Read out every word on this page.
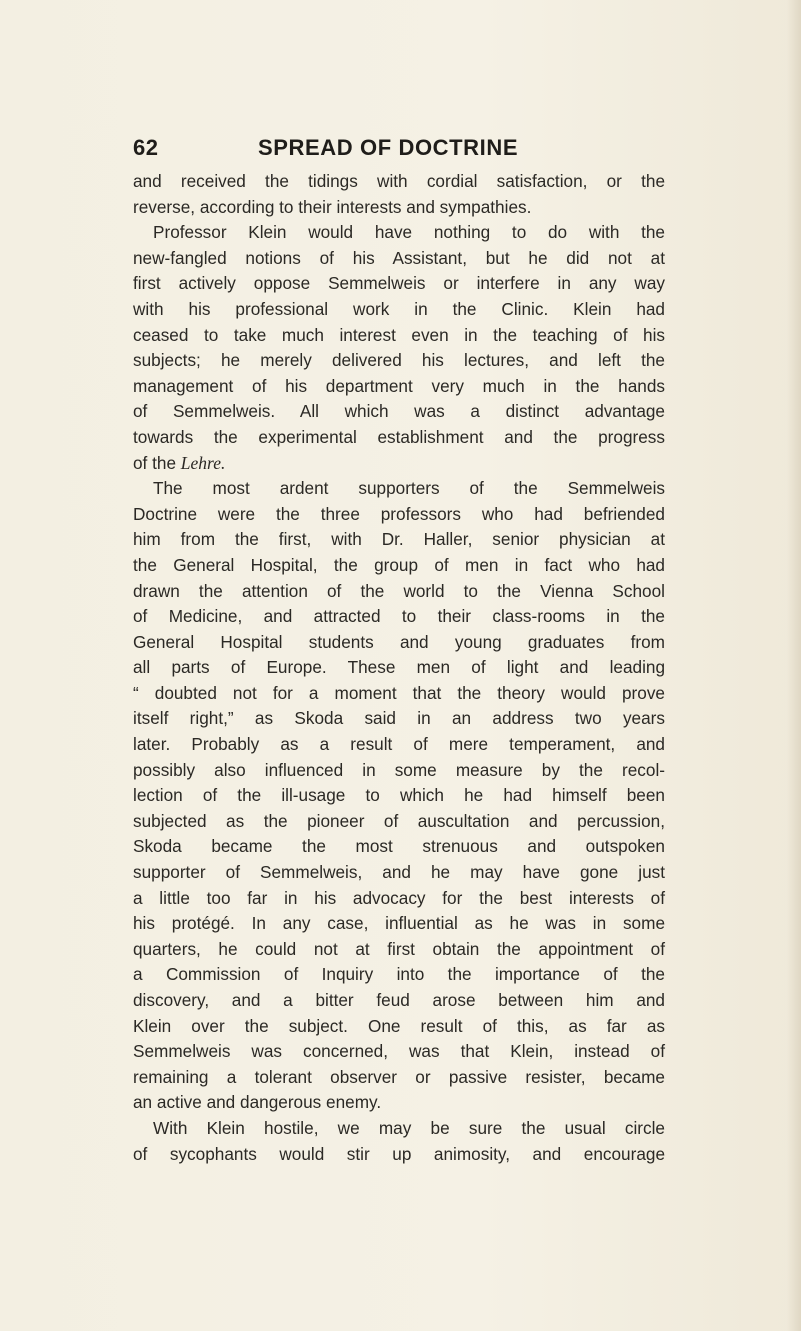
62	SPREAD OF DOCTRINE
and received the tidings with cordial satisfaction, or the
reverse, according to their interests and sympathies.
Professor Klein would have nothing to do with the
new-fangled notions of his Assistant, but he did not at
first actively oppose Semmelweis or interfere in any way
with his professional work in the Clinic. Klein had
ceased to take much interest even in the teaching of his
subjects; he merely delivered his lectures, and left the
management of his department very much in the hands
of Semmelweis. All which was a distinct advantage
towards the experimental establishment and the progress
of the Lehre.
The most ardent supporters of the Semmelweis
Doctrine were the three professors who had befriended
him from the first, with Dr. Haller, senior physician at
the General Hospital, the group of men in fact who had
drawn the attention of the world to the Vienna School
of Medicine, and attracted to their class-rooms in the
General Hospital students and young graduates from
all parts of Europe. These men of light and leading
“ doubted not for a moment that the theory would prove
itself right,” as Skoda said in an address two years
later. Probably as a result of mere temperament, and
possibly also influenced in some measure by the recol-
lection of the ill-usage to which he had himself been
subjected as the pioneer of auscultation and percussion,
Skoda became the most strenuous and outspoken
supporter of Semmelweis, and he may have gone just
a little too far in his advocacy for the best interests of
his protégé. In any case, influential as he was in some
quarters, he could not at first obtain the appointment of
a Commission of Inquiry into the importance of the
discovery, and a bitter feud arose between him and
Klein over the subject. One result of this, as far as
Semmelweis was concerned, was that Klein, instead of
remaining a tolerant observer or passive resister, became
an active and dangerous enemy.
With Klein hostile, we may be sure the usual circle
of sycophants would stir up animosity, and encourage
